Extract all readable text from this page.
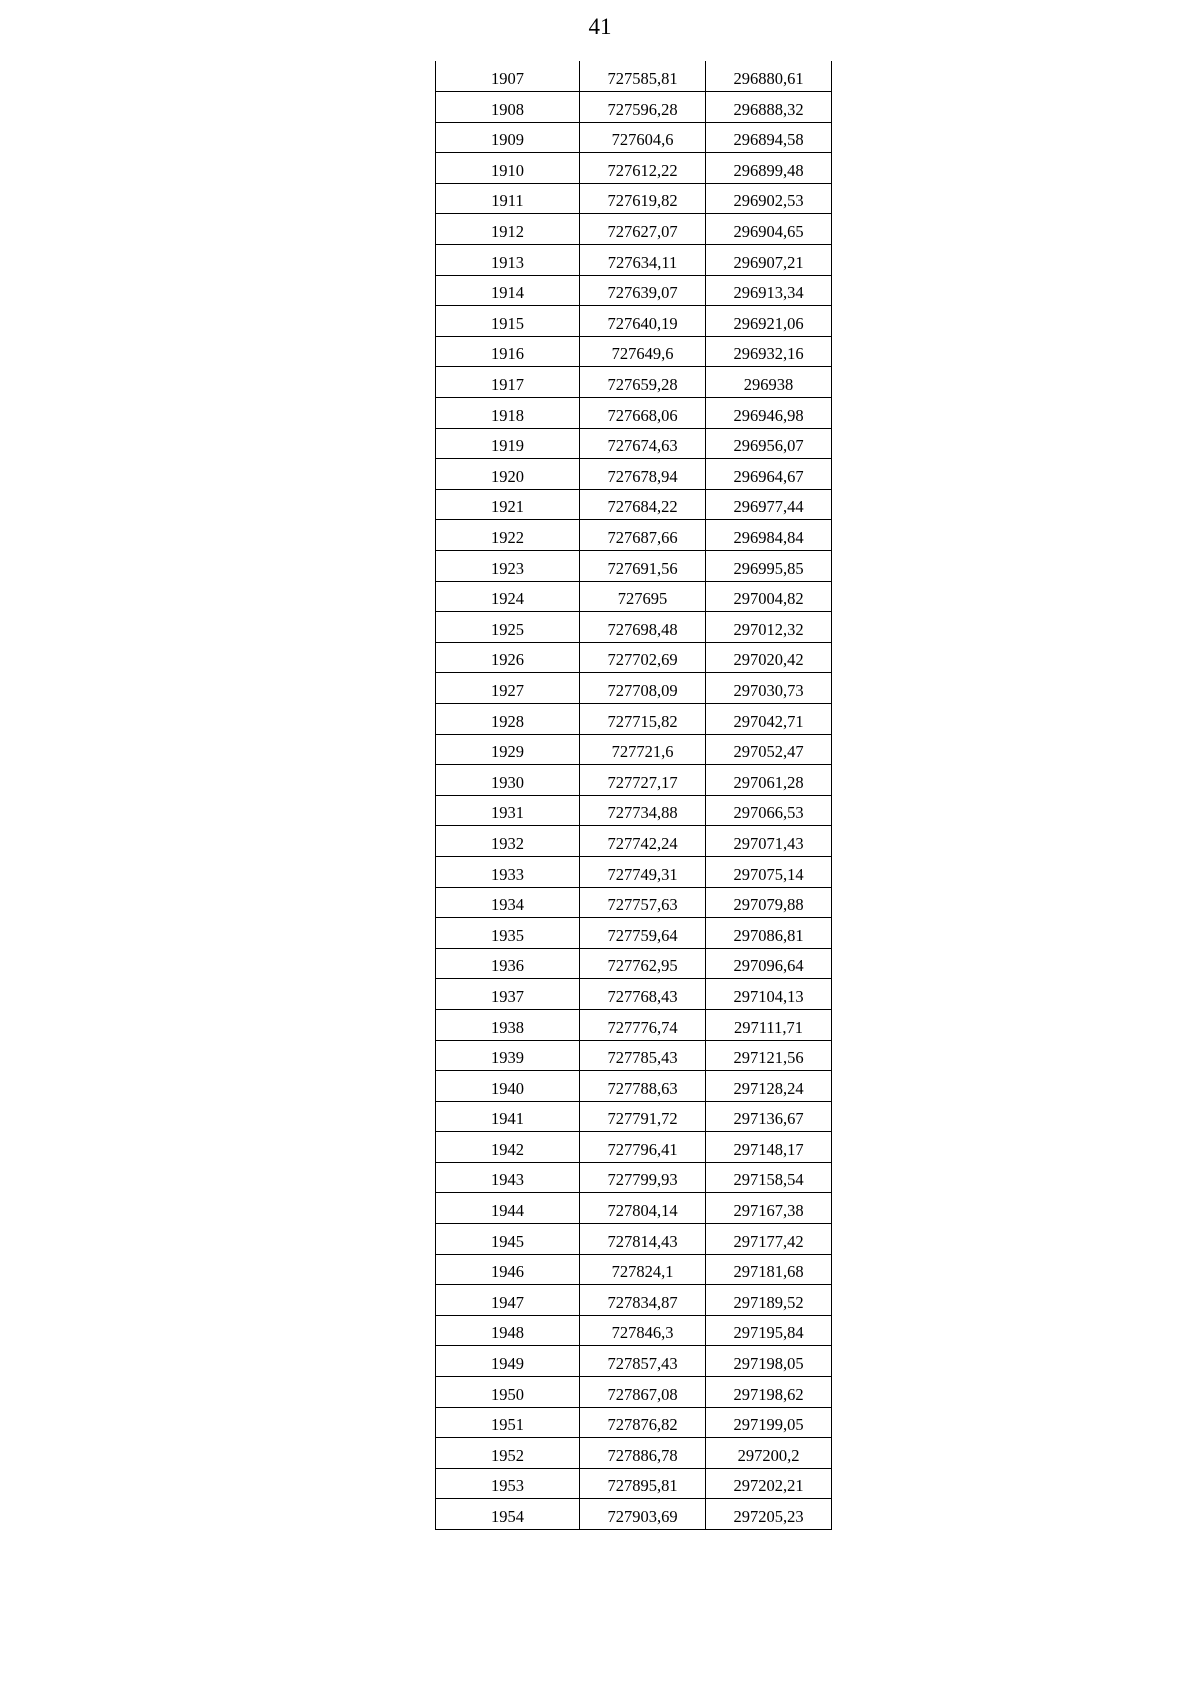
41
1907	727585,81	296880,61
1908	727596,28	296888,32
1909	727604,6	296894,58
1910	727612,22	296899,48
1911	727619,82	296902,53
1912	727627,07	296904,65
1913	727634,11	296907,21
1914	727639,07	296913,34
1915	727640,19	296921,06
1916	727649,6	296932,16
1917	727659,28	296938
1918	727668,06	296946,98
1919	727674,63	296956,07
1920	727678,94	296964,67
1921	727684,22	296977,44
1922	727687,66	296984,84
1923	727691,56	296995,85
1924	727695	297004,82
1925	727698,48	297012,32
1926	727702,69	297020,42
1927	727708,09	297030,73
1928	727715,82	297042,71
1929	727721,6	297052,47
1930	727727,17	297061,28
1931	727734,88	297066,53
1932	727742,24	297071,43
1933	727749,31	297075,14
1934	727757,63	297079,88
1935	727759,64	297086,81
1936	727762,95	297096,64
1937	727768,43	297104,13
1938	727776,74	297111,71
1939	727785,43	297121,56
1940	727788,63	297128,24
1941	727791,72	297136,67
1942	727796,41	297148,17
1943	727799,93	297158,54
1944	727804,14	297167,38
1945	727814,43	297177,42
1946	727824,1	297181,68
1947	727834,87	297189,52
1948	727846,3	297195,84
1949	727857,43	297198,05
1950	727867,08	297198,62
1951	727876,82	297199,05
1952	727886,78	297200,2
1953	727895,81	297202,21
1954	727903,69	297205,23
